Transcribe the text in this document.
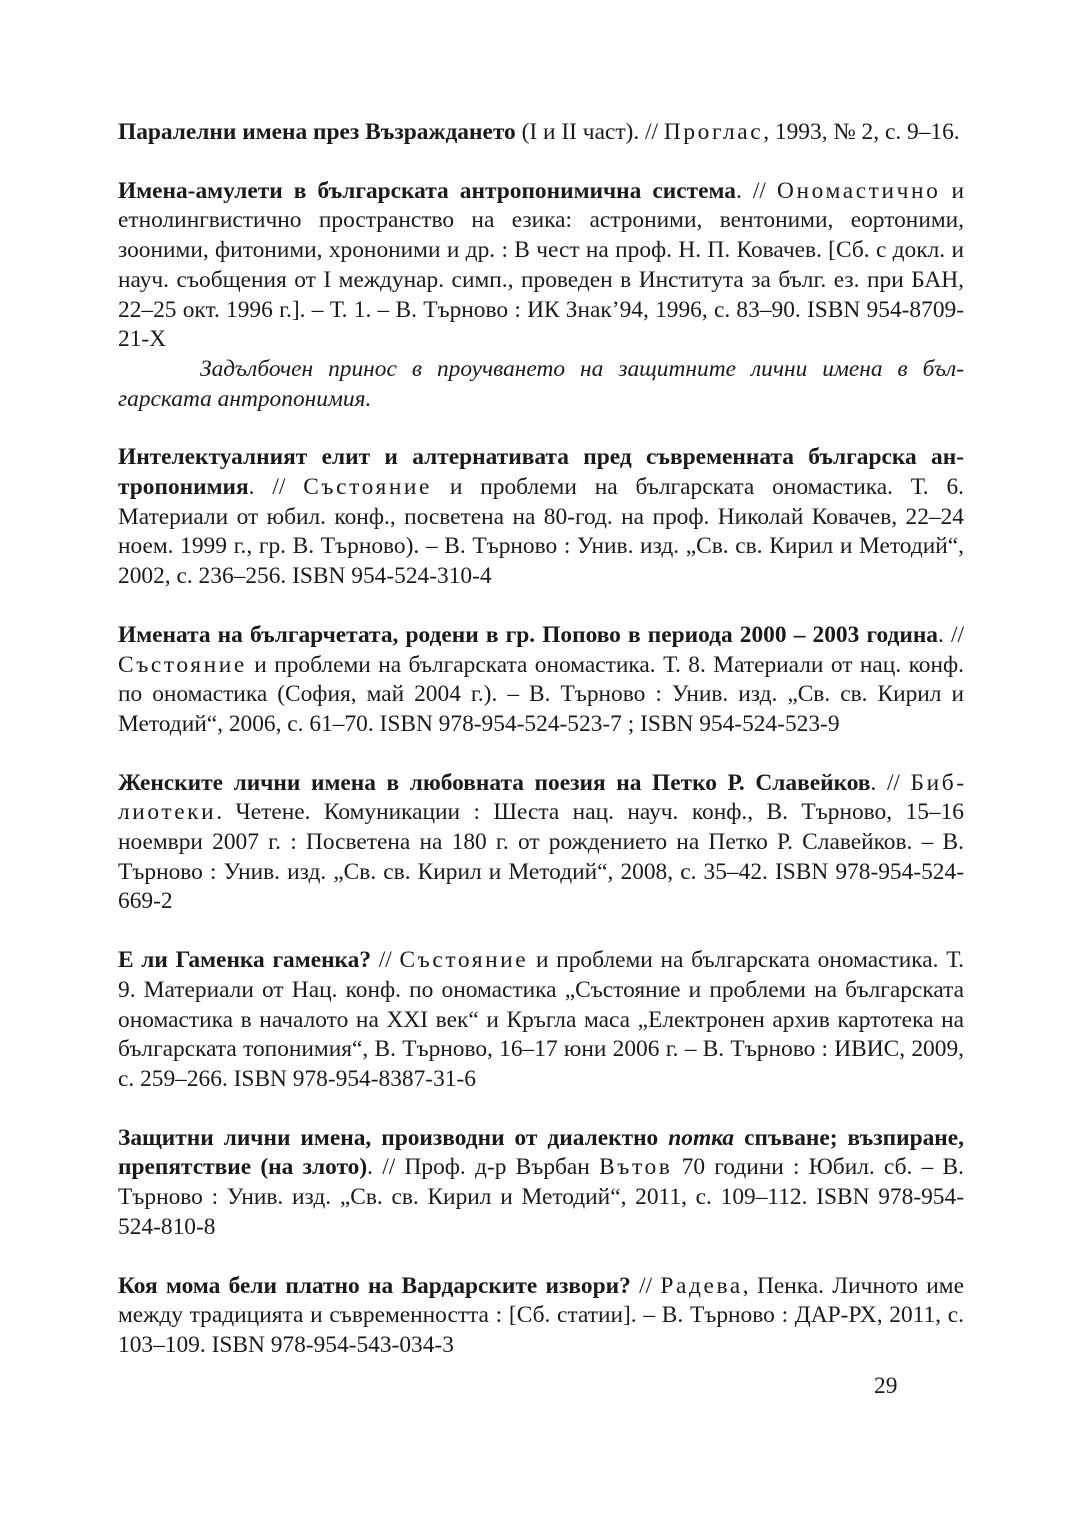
Паралелни имена през Възраждането (І и ІІ част). // Проглас, 1993, № 2, с. 9–16.

Имена-амулети в българската антропонимична система. // Ономастично и етнолингвистично пространство на езика: астроними, вентоними, еортоними, зооними, фитоними, хрононими и др. : В чест на проф. Н. П. Ковачев. [Сб. с докл. и науч. съобщения от І междунар. симп., проведен в Института за бълг. ез. при БАН, 22–25 окт. 1996 г.]. – Т. 1. – В. Търново : ИК Знак’94, 1996, с. 83–90. ISBN 954-8709-21-X
Задълбочен принос в проучването на защитните лични имена в българската антропонимия.

Интелектуалният елит и алтернативата пред съвременната българска антропонимия. // Състояние и проблеми на българската ономастика. Т. 6. Материали от юбил. конф., посветена на 80-год. на проф. Николай Ковачев, 22–24 ноем. 1999 г., гр. В. Търново). – В. Търново : Унив. изд. „Св. св. Кирил и Методий“, 2002, с. 236–256. ISBN 954-524-310-4

Имената на българчетата, родени в гр. Попово в периода 2000 – 2003 година. // Състояние и проблеми на българската ономастика. Т. 8. Материали от нац. конф. по ономастика (София, май 2004 г.). – В. Търново : Унив. изд. „Св. св. Кирил и Методий“, 2006, с. 61–70. ISBN 978-954-524-523-7 ; ISBN 954-524-523-9

Женските лични имена в любовната поезия на Петко Р. Славейков. // Библиотеки. Четене. Комуникации : Шеста нац. науч. конф., В. Търново, 15–16 ноември 2007 г. : Посветена на 180 г. от рождението на Петко Р. Славейков. – В. Търново : Унив. изд. „Св. св. Кирил и Методий“, 2008, с. 35–42. ISBN 978-954-524-669-2

Е ли Гаменка гаменка? // Състояние и проблеми на българската ономастика. Т. 9. Материали от Нац. конф. по ономастика „Състояние и проблеми на българската ономастика в началото на ХХІ век“ и Кръгла маса „Електронен архив картотека на българската топонимия“, В. Търново, 16–17 юни 2006 г. – В. Търново : ИВИС, 2009, с. 259–266. ISBN 978-954-8387-31-6

Защитни лични имена, производни от диалектно потка спъване; възпиране, препятствие (на злото). // Проф. д-р Върбан Вътов 70 години : Юбил. сб. – В. Търново : Унив. изд. „Св. св. Кирил и Методий“, 2011, с. 109–112. ISBN 978-954-524-810-8

Коя мома бели платно на Вардарските извори? // Радева, Пенка. Личното име между традицията и съвременността : [Сб. статии]. – В. Търново : ДАР-РХ, 2011, с. 103–109. ISBN 978-954-543-034-3

29
